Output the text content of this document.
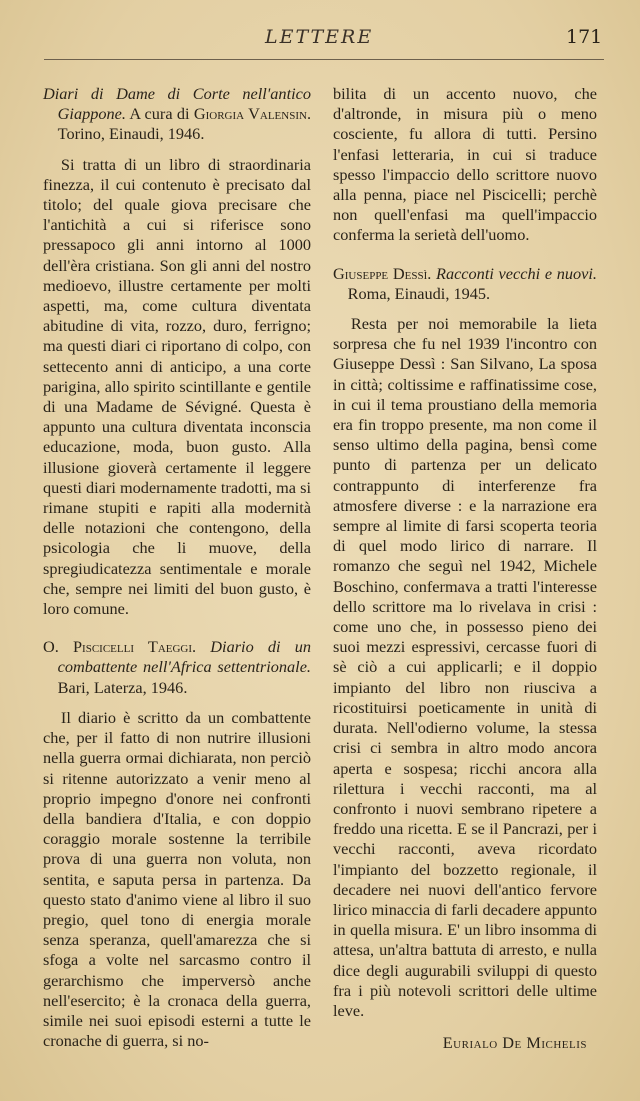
LETTERE	171

Diari di Dame di Corte nell'antico Giappone. A cura di Giorgia Valensin. Torino, Einaudi, 1946.

Si tratta di un libro di straordinaria finezza, il cui contenuto è precisato dal titolo; del quale giova precisare che l'antichità a cui si riferisce sono pressapoco gli anni intorno al 1000 dell'èra cristiana. Son gli anni del nostro medioevo, illustre certamente per molti aspetti, ma, come cultura diventata abitudine di vita, rozzo, duro, ferrigno; ma questi diari ci riportano di colpo, con settecento anni di anticipo, a una corte parigina, allo spirito scintillante e gentile di una Madame de Sévigné. Questa è appunto una cultura diventata inconscia educazione, moda, buon gusto. Alla illusione gioverà certamente il leggere questi diari modernamente tradotti, ma si rimane stupiti e rapiti alla modernità delle notazioni che contengono, della psicologia che li muove, della spregiudicatezza sentimentale e morale che, sempre nei limiti del buon gusto, è loro comune.

O. Piscicelli Taeggi. Diario di un combattente nell'Africa settentrionale. Bari, Laterza, 1946.

Il diario è scritto da un combattente che, per il fatto di non nutrire illusioni nella guerra ormai dichiarata, non perciò si ritenne autorizzato a venir meno al proprio impegno d'onore nei confronti della bandiera d'Italia, e con doppio coraggio morale sostenne la terribile prova di una guerra non voluta, non sentita, e saputa persa in partenza. Da questo stato d'animo viene al libro il suo pregio, quel tono di energia morale senza speranza, quell'amarezza che si sfoga a volte nel sarcasmo contro il gerarchismo che imperversò anche nell'esercito; è la cronaca della guerra, simile nei suoi episodi esterni a tutte le cronache di guerra, si no-

bilita di un accento nuovo, che d'altronde, in misura più o meno cosciente, fu allora di tutti. Persino l'enfasi letteraria, in cui si traduce spesso l'impaccio dello scrittore nuovo alla penna, piace nel Piscicelli; perchè non quell'enfasi ma quell'impaccio conferma la serietà dell'uomo.

Giuseppe Dessì. Racconti vecchi e nuovi. Roma, Einaudi, 1945.

Resta per noi memorabile la lieta sorpresa che fu nel 1939 l'incontro con Giuseppe Dessì : San Silvano, La sposa in città; coltissime e raffinatissime cose, in cui il tema proustiano della memoria era fin troppo presente, ma non come il senso ultimo della pagina, bensì come punto di partenza per un delicato contrappunto di interferenze fra atmosfere diverse : e la narrazione era sempre al limite di farsi scoperta teoria di quel modo lirico di narrare. Il romanzo che seguì nel 1942, Michele Boschino, confermava a tratti l'interesse dello scrittore ma lo rivelava in crisi : come uno che, in possesso pieno dei suoi mezzi espressivi, cercasse fuori di sè ciò a cui applicarli; e il doppio impianto del libro non riusciva a ricostituirsi poeticamente in unità di durata. Nell'odierno volume, la stessa crisi ci sembra in altro modo ancora aperta e sospesa; ricchi ancora alla rilettura i vecchi racconti, ma al confronto i nuovi sembrano ripetere a freddo una ricetta. E se il Pancrazi, per i vecchi racconti, aveva ricordato l'impianto del bozzetto regionale, il decadere nei nuovi dell'antico fervore lirico minaccia di farli decadere appunto in quella misura. E' un libro insomma di attesa, un'altra battuta di arresto, e nulla dice degli augurabili sviluppi di questo fra i più notevoli scrittori delle ultime leve.

Eurialo De Michelis
